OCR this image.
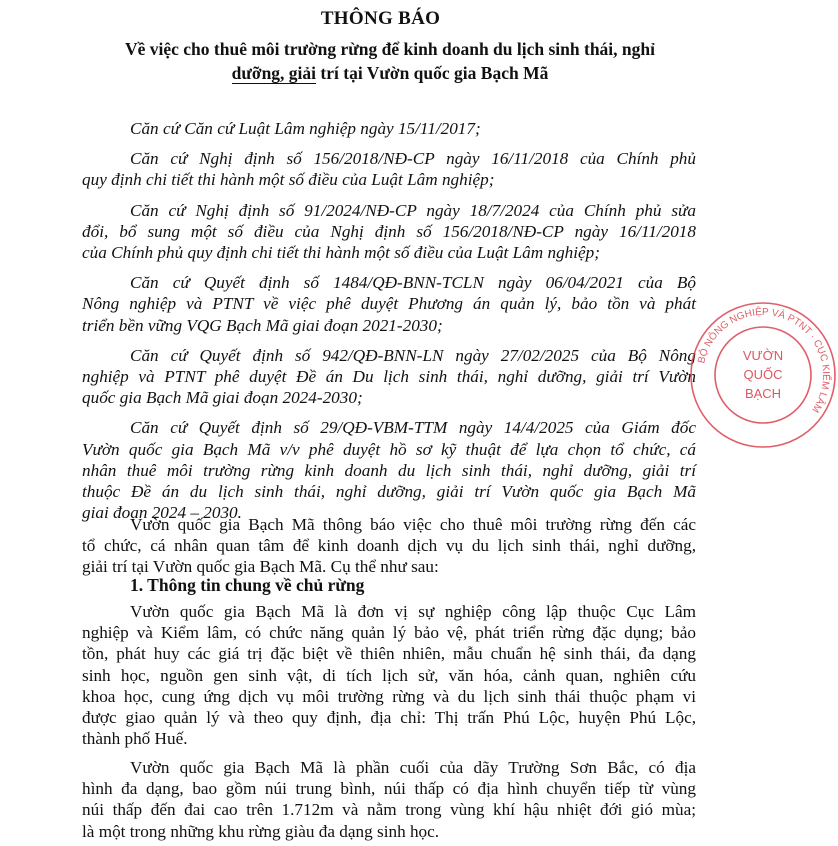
THÔNG BÁO
Về việc cho thuê môi trường rừng để kinh doanh du lịch sinh thái, nghỉ
dưỡng, giải trí tại Vườn quốc gia Bạch Mã
Căn cứ Căn cứ Luật Lâm nghiệp ngày 15/11/2017;
Căn cứ Nghị định số 156/2018/NĐ-CP ngày 16/11/2018 của Chính phủ
quy định chi tiết thi hành một số điều của Luật Lâm nghiệp;
Căn cứ Nghị định số 91/2024/NĐ-CP ngày 18/7/2024 của Chính phủ sửa
đổi, bổ sung một số điều của Nghị định số 156/2018/NĐ-CP ngày 16/11/2018
của Chính phủ quy định chi tiết thi hành một số điều của Luật Lâm nghiệp;
Căn cứ Quyết định số 1484/QĐ-BNN-TCLN ngày 06/04/2021 của Bộ
Nông nghiệp và PTNT về việc phê duyệt Phương án quản lý, bảo tồn và phát
triển bền vững VQG Bạch Mã giai đoạn 2021-2030;
Căn cứ Quyết định số 942/QĐ-BNN-LN ngày 27/02/2025 của Bộ Nông
nghiệp và PTNT phê duyệt Đề án Du lịch sinh thái, nghỉ dưỡng, giải trí Vườn
quốc gia Bạch Mã giai đoạn 2024-2030;
Căn cứ Quyết định số 29/QĐ-VBM-TTM ngày 14/4/2025 của Giám đốc
Vườn quốc gia Bạch Mã v/v phê duyệt hồ sơ kỹ thuật để lựa chọn tổ chức, cá
nhân thuê môi trường rừng kinh doanh du lịch sinh thái, nghỉ dưỡng, giải trí
thuộc Đề án du lịch sinh thái, nghỉ dưỡng, giải trí Vườn quốc gia Bạch Mã
giai đoạn 2024 – 2030.
Vườn quốc gia Bạch Mã thông báo việc cho thuê môi trường rừng đến các
tổ chức, cá nhân quan tâm để kinh doanh dịch vụ du lịch sinh thái, nghỉ dưỡng,
giải trí tại Vườn quốc gia Bạch Mã. Cụ thể như sau:
1. Thông tin chung về chủ rừng
Vườn quốc gia Bạch Mã là đơn vị sự nghiệp công lập thuộc Cục Lâm
nghiệp và Kiểm lâm, có chức năng quản lý bảo vệ, phát triển rừng đặc dụng; bảo
tồn, phát huy các giá trị đặc biệt về thiên nhiên, mẫu chuẩn hệ sinh thái, đa dạng
sinh học, nguồn gen sinh vật, di tích lịch sử, văn hóa, cảnh quan, nghiên cứu
khoa học, cung ứng dịch vụ môi trường rừng và du lịch sinh thái thuộc phạm vi
được giao quản lý và theo quy định, địa chỉ: Thị trấn Phú Lộc, huyện Phú Lộc,
thành phố Huế.
Vườn quốc gia Bạch Mã là phần cuối của dãy Trường Sơn Bắc, có địa
hình đa dạng, bao gồm núi trung bình, núi thấp có địa hình chuyển tiếp từ vùng
núi thấp đến đai cao trên 1.712m và nằm trong vùng khí hậu nhiệt đới gió mùa;
là một trong những khu rừng giàu đa dạng sinh học.
BỘ NÔNG NGHIỆP VÀ PTNT · CỤC KIỂM LÂM
VƯỜN
QUỐC
BẠCH
